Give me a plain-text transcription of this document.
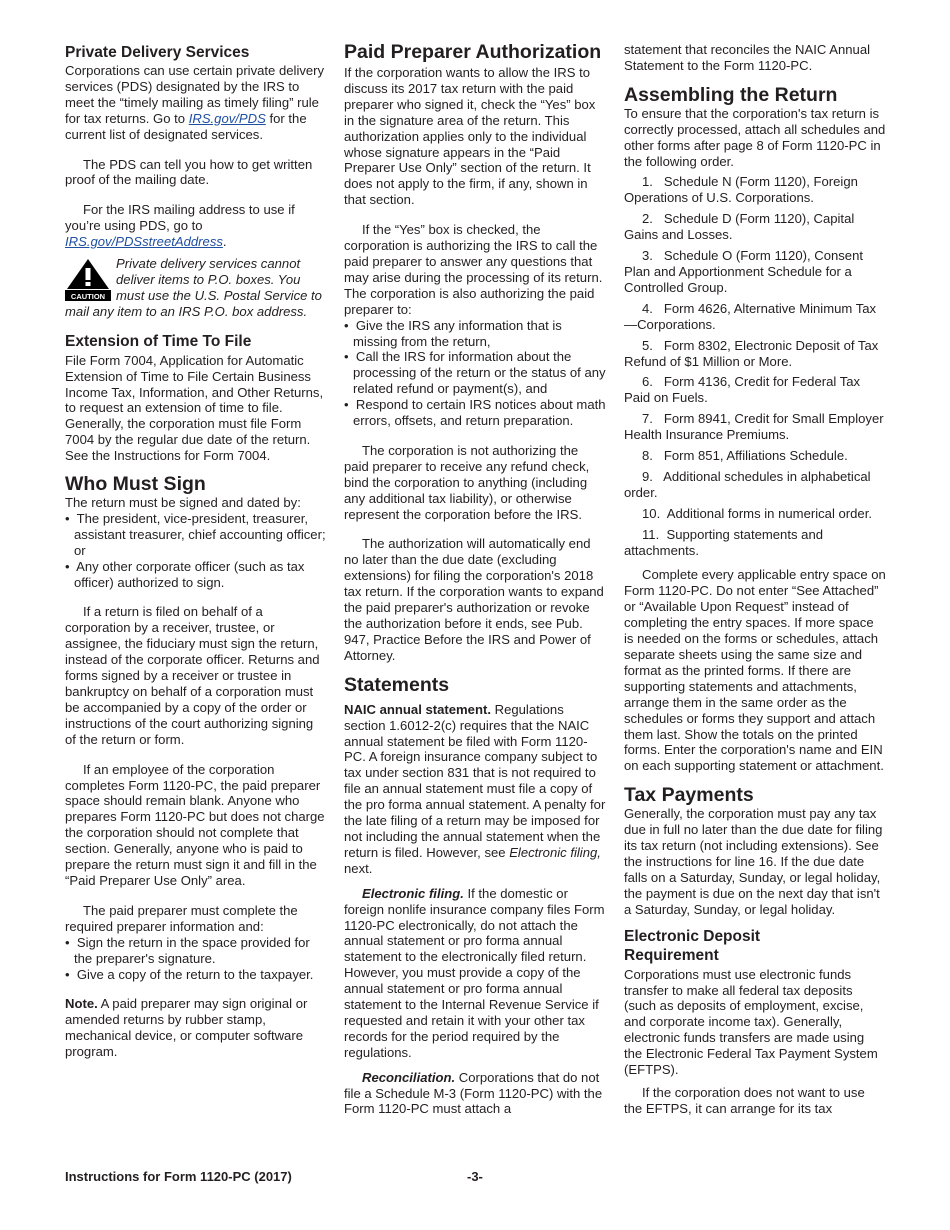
Private Delivery Services

Corporations can use certain private delivery services (PDS) designated by the IRS to meet the “timely mailing as timely filing” rule for tax returns. Go to IRS.gov/PDS for the current list of designated services.

The PDS can tell you how to get written proof of the mailing date.

For the IRS mailing address to use if you’re using PDS, go to IRS.gov/PDSstreetAddress.

CAUTION

Private delivery services cannot deliver items to P.O. boxes. You must use the U.S. Postal Service to mail any item to an IRS P.O. box address.

Extension of Time To File

File Form 7004, Application for Automatic Extension of Time to File Certain Business Income Tax, Information, and Other Returns, to request an extension of time to file. Generally, the corporation must file Form 7004 by the regular due date of the return. See the Instructions for Form 7004.

Who Must Sign

The return must be signed and dated by:

•  The president, vice-president, treasurer, assistant treasurer, chief accounting officer; or

•  Any other corporate officer (such as tax officer) authorized to sign.

If a return is filed on behalf of a corporation by a receiver, trustee, or assignee, the fiduciary must sign the return, instead of the corporate officer. Returns and forms signed by a receiver or trustee in bankruptcy on behalf of a corporation must be accompanied by a copy of the order or instructions of the court authorizing signing of the return or form.

If an employee of the corporation completes Form 1120-PC, the paid preparer space should remain blank. Anyone who prepares Form 1120-PC but does not charge the corporation should not complete that section. Generally, anyone who is paid to prepare the return must sign it and fill in the “Paid Preparer Use Only” area.

The paid preparer must complete the required preparer information and:

•  Sign the return in the space provided for the preparer's signature.

•  Give a copy of the return to the taxpayer.

Note. A paid preparer may sign original or amended returns by rubber stamp, mechanical device, or computer software program.

Paid Preparer Authorization

If the corporation wants to allow the IRS to discuss its 2017 tax return with the paid preparer who signed it, check the “Yes” box in the signature area of the return. This authorization applies only to the individual whose signature appears in the “Paid Preparer Use Only” section of the return. It does not apply to the firm, if any, shown in that section.

If the “Yes” box is checked, the corporation is authorizing the IRS to call the paid preparer to answer any questions that may arise during the processing of its return. The corporation is also authorizing the paid preparer to:

•  Give the IRS any information that is missing from the return,

•  Call the IRS for information about the processing of the return or the status of any related refund or payment(s), and

•  Respond to certain IRS notices about math errors, offsets, and return preparation.

The corporation is not authorizing the paid preparer to receive any refund check, bind the corporation to anything (including any additional tax liability), or otherwise represent the corporation before the IRS.

The authorization will automatically end no later than the due date (excluding extensions) for filing the corporation's 2018 tax return. If the corporation wants to expand the paid preparer's authorization or revoke the authorization before it ends, see Pub. 947, Practice Before the IRS and Power of Attorney.

Statements

NAIC annual statement. Regulations section 1.6012-2(c) requires that the NAIC annual statement be filed with Form 1120-PC. A foreign insurance company subject to tax under section 831 that is not required to file an annual statement must file a copy of the pro forma annual statement. A penalty for the late filing of a return may be imposed for not including the annual statement when the return is filed. However, see Electronic filing, next.

Electronic filing. If the domestic or foreign nonlife insurance company files Form 1120-PC electronically, do not attach the annual statement or pro forma annual statement to the electronically filed return. However, you must provide a copy of the annual statement or pro forma annual statement to the Internal Revenue Service if requested and retain it with your other tax records for the period required by the regulations.

Reconciliation. Corporations that do not file a Schedule M-3 (Form 1120-PC) with the Form 1120-PC must attach a

statement that reconciles the NAIC Annual Statement to the Form 1120-PC.

Assembling the Return

To ensure that the corporation's tax return is correctly processed, attach all schedules and other forms after page 8 of Form 1120-PC in the following order.

1.   Schedule N (Form 1120), Foreign Operations of U.S. Corporations.

2.   Schedule D (Form 1120), Capital Gains and Losses.

3.   Schedule O (Form 1120), Consent Plan and Apportionment Schedule for a Controlled Group.

4.   Form 4626, Alternative Minimum Tax—Corporations.

5.   Form 8302, Electronic Deposit of Tax Refund of $1 Million or More.

6.   Form 4136, Credit for Federal Tax Paid on Fuels.

7.   Form 8941, Credit for Small Employer Health Insurance Premiums.

8.   Form 851, Affiliations Schedule.

9.   Additional schedules in alphabetical order.

10.  Additional forms in numerical order.

11.  Supporting statements and attachments.

Complete every applicable entry space on Form 1120-PC. Do not enter “See Attached” or “Available Upon Request” instead of completing the entry spaces. If more space is needed on the forms or schedules, attach separate sheets using the same size and format as the printed forms. If there are supporting statements and attachments, arrange them in the same order as the schedules or forms they support and attach them last. Show the totals on the printed forms. Enter the corporation's name and EIN on each supporting statement or attachment.

Tax Payments

Generally, the corporation must pay any tax due in full no later than the due date for filing its tax return (not including extensions). See the instructions for line 16. If the due date falls on a Saturday, Sunday, or legal holiday, the payment is due on the next day that isn't a Saturday, Sunday, or legal holiday.

Electronic Deposit Requirement

Corporations must use electronic funds transfer to make all federal tax deposits (such as deposits of employment, excise, and corporate income tax). Generally, electronic funds transfers are made using the Electronic Federal Tax Payment System (EFTPS).

If the corporation does not want to use the EFTPS, it can arrange for its tax

Instructions for Form 1120-PC (2017)	-3-
